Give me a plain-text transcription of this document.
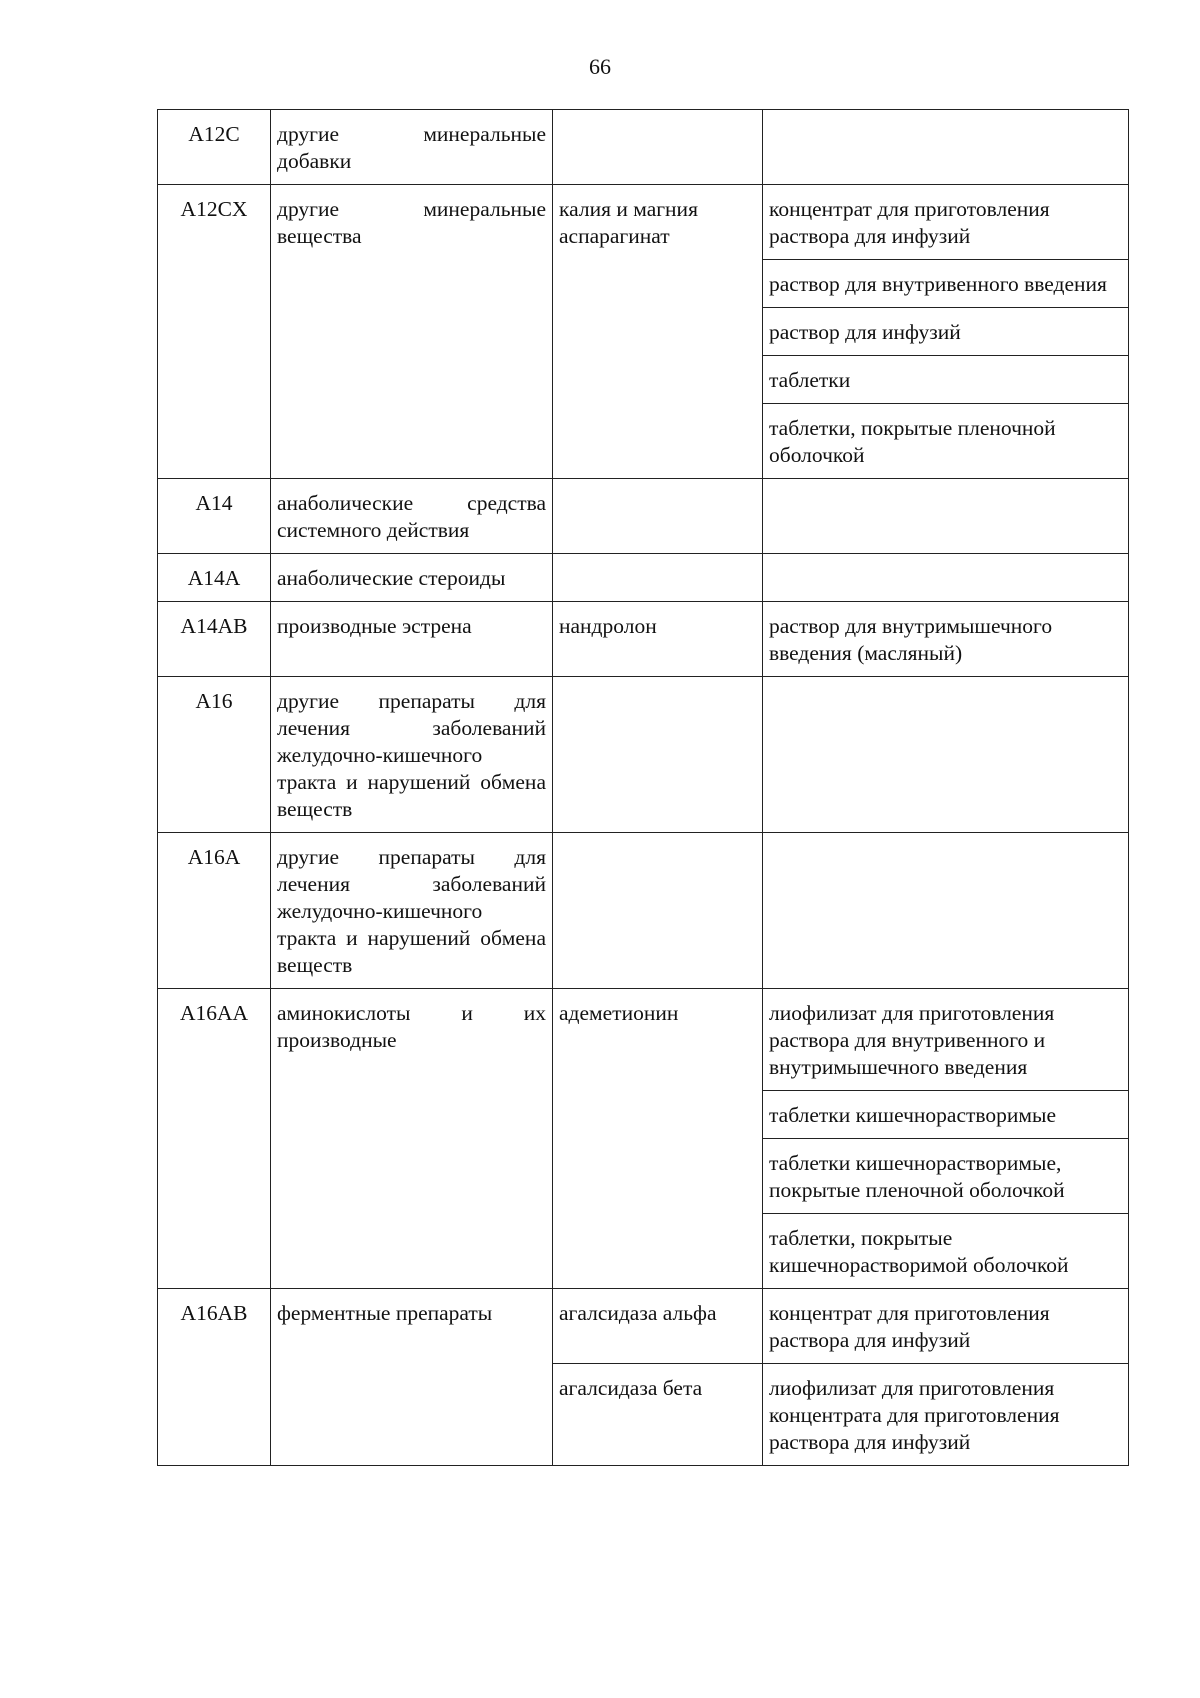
66
A12C	другие минеральные добавки		
A12CX	другие минеральные вещества	калия и магния аспарагинат	концентрат для приготовления раствора для инфузий
			раствор для внутривенного введения
			раствор для инфузий
			таблетки
			таблетки, покрытые пленочной оболочкой
A14	анаболические средства системного действия		
A14A	анаболические стероиды		
A14AB	производные эстрена	нандролон	раствор для внутримышечного введения (масляный)
A16	другие препараты для лечения заболеваний желудочно-кишечного тракта и нарушений обмена веществ		
A16A	другие препараты для лечения заболеваний желудочно-кишечного тракта и нарушений обмена веществ		
A16AA	аминокислоты и их производные	адеметионин	лиофилизат для приготовления раствора для внутривенного и внутримышечного введения
			таблетки кишечнорастворимые
			таблетки кишечнорастворимые, покрытые пленочной оболочкой
			таблетки, покрытые кишечнорастворимой оболочкой
A16AB	ферментные препараты	агалсидаза альфа	концентрат для приготовления раствора для инфузий
		агалсидаза бета	лиофилизат для приготовления концентрата для приготовления раствора для инфузий
